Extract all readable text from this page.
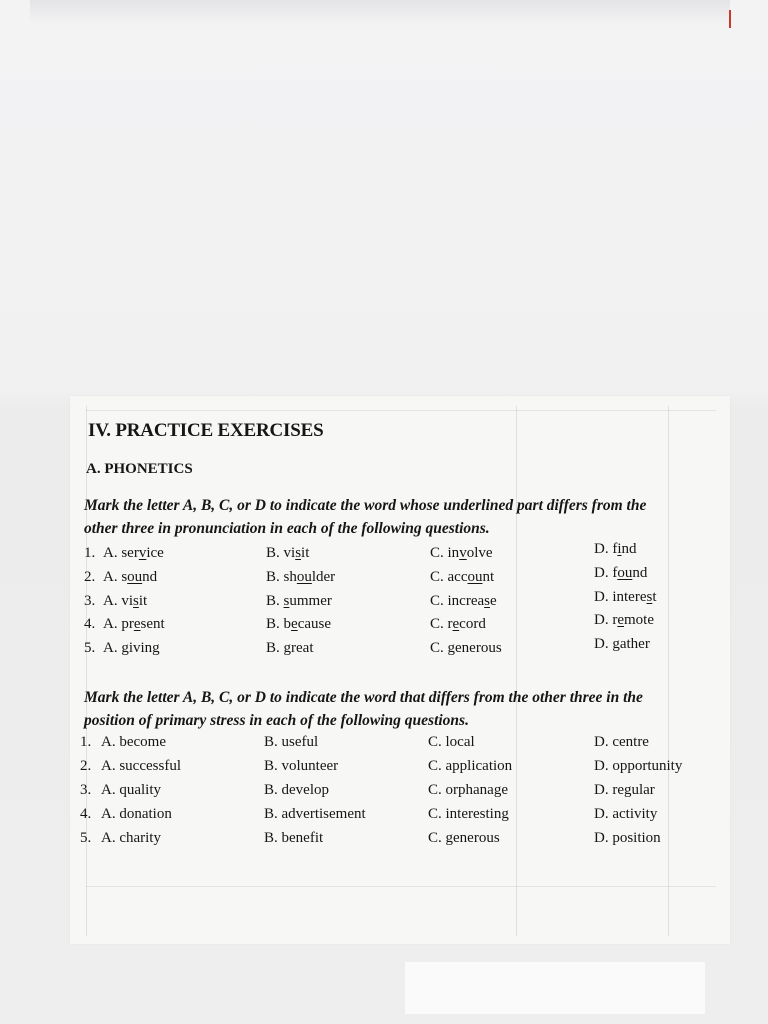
IV. PRACTICE EXERCISES
A. PHONETICS
Mark the letter A, B, C, or D to indicate the word whose underlined part differs from the
other three in pronunciation in each of the following questions.
1. A. service	B. visit	C. involve	D. find
2. A. sound	B. shoulder	C. account	D. found
3. A. visit	B. summer	C. increase	D. interest
4. A. present	B. because	C. record	D. remote
5. A. giving	B. great	C. generous	D. gather
Mark the letter A, B, C, or D to indicate the word that differs from the other three in the
position of primary stress in each of the following questions.
1. A. become	B. useful	C. local	D. centre
2. A. successful	B. volunteer	C. application	D. opportunity
3. A. quality	B. develop	C. orphanage	D. regular
4. A. donation	B. advertisement	C. interesting	D. activity
5. A. charity	B. benefit	C. generous	D. position
